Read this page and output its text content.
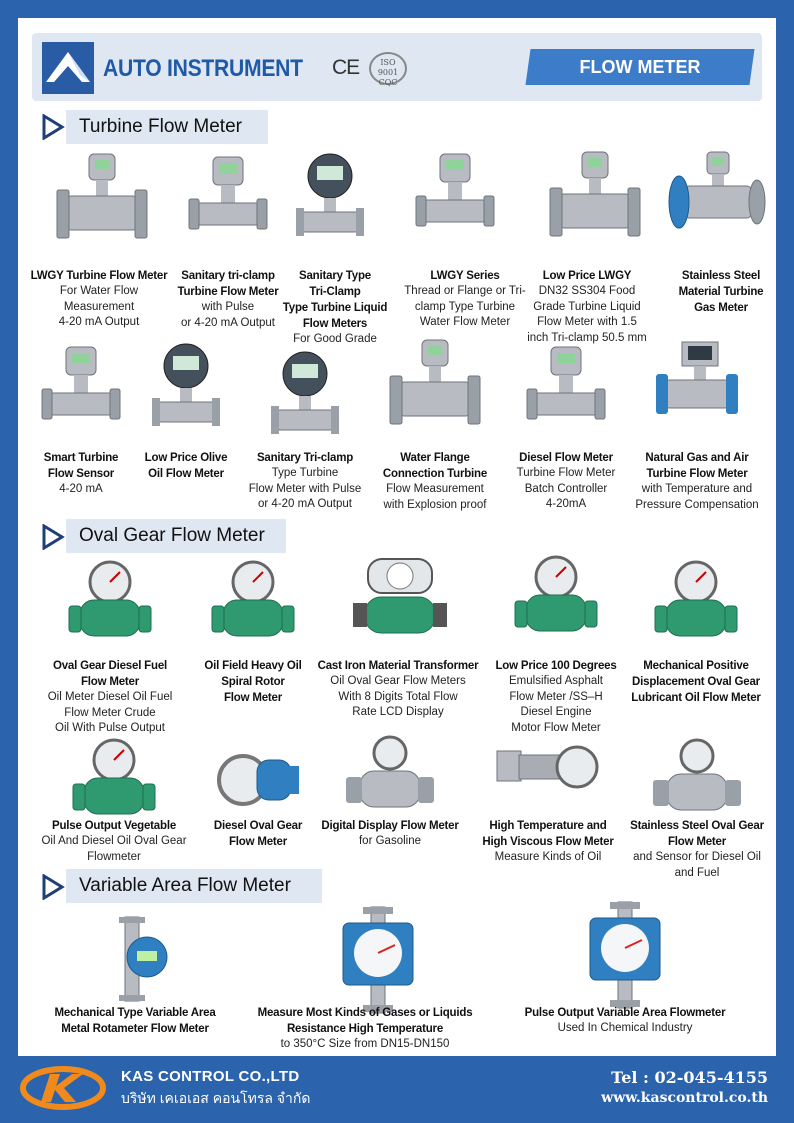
AUTO INSTRUMENT CE	ISO
9001
CQC
FLOW METER
Turbine Flow Meter
Oval Gear Flow Meter
Variable Area Flow Meter
LWGY Turbine Flow Meter
For Water Flow
Measurement
4-20 mA Output
Sanitary tri-clamp
Turbine Flow Meter
with Pulse
or 4-20 mA Output
Sanitary Type
Tri-Clamp
Type Turbine Liquid
Flow Meters
For Good Grade
LWGY Series
Thread or Flange or Tri-
clamp Type Turbine
Water Flow Meter
Low Price LWGY
DN32 SS304 Food
Grade Turbine Liquid
Flow Meter with 1.5
inch Tri-clamp 50.5 mm
Stainless Steel
Material Turbine
Gas Meter
Smart Turbine
Flow Sensor
4-20 mA
Low Price Olive
Oil Flow Meter
Sanitary Tri-clamp
Type Turbine
Flow Meter with Pulse
or 4-20 mA Output
Water Flange
Connection Turbine
Flow Measurement
with Explosion proof
Diesel Flow Meter
Turbine Flow Meter
Batch Controller
4-20mA
Natural Gas and Air
Turbine Flow Meter
with Temperature and
Pressure Compensation
Oval Gear Diesel Fuel
Flow Meter
Oil Meter Diesel Oil Fuel
Flow Meter Crude
Oil With Pulse Output
Oil Field Heavy Oil
Spiral Rotor
Flow Meter
Cast Iron Material Transformer
Oil Oval Gear Flow Meters
With 8 Digits Total Flow
Rate LCD Display
Low Price 100 Degrees
Emulsified Asphalt
Flow Meter /SS–H
Diesel Engine
Motor Flow Meter
Mechanical Positive
Displacement Oval Gear
Lubricant Oil Flow Meter
Pulse Output Vegetable
Oil And Diesel Oil Oval Gear
Flowmeter
Diesel Oval Gear
Flow Meter
Digital Display Flow Meter
for Gasoline
High Temperature and
High Viscous Flow Meter
Measure Kinds of Oil
Stainless Steel Oval Gear
Flow Meter
and Sensor for Diesel Oil
and Fuel
Mechanical Type Variable Area
Metal Rotameter Flow Meter
Measure Most Kinds of Gases or Liquids
Resistance High Temperature
to 350°C Size from DN15-DN150
Pulse Output Variable Area Flowmeter
Used In Chemical Industry
KAS CONTROL CO.,LTD
บริษัท เคเอเอส คอนโทรล จำกัด
Tel : 02-045-4155
www.kascontrol.co.th
